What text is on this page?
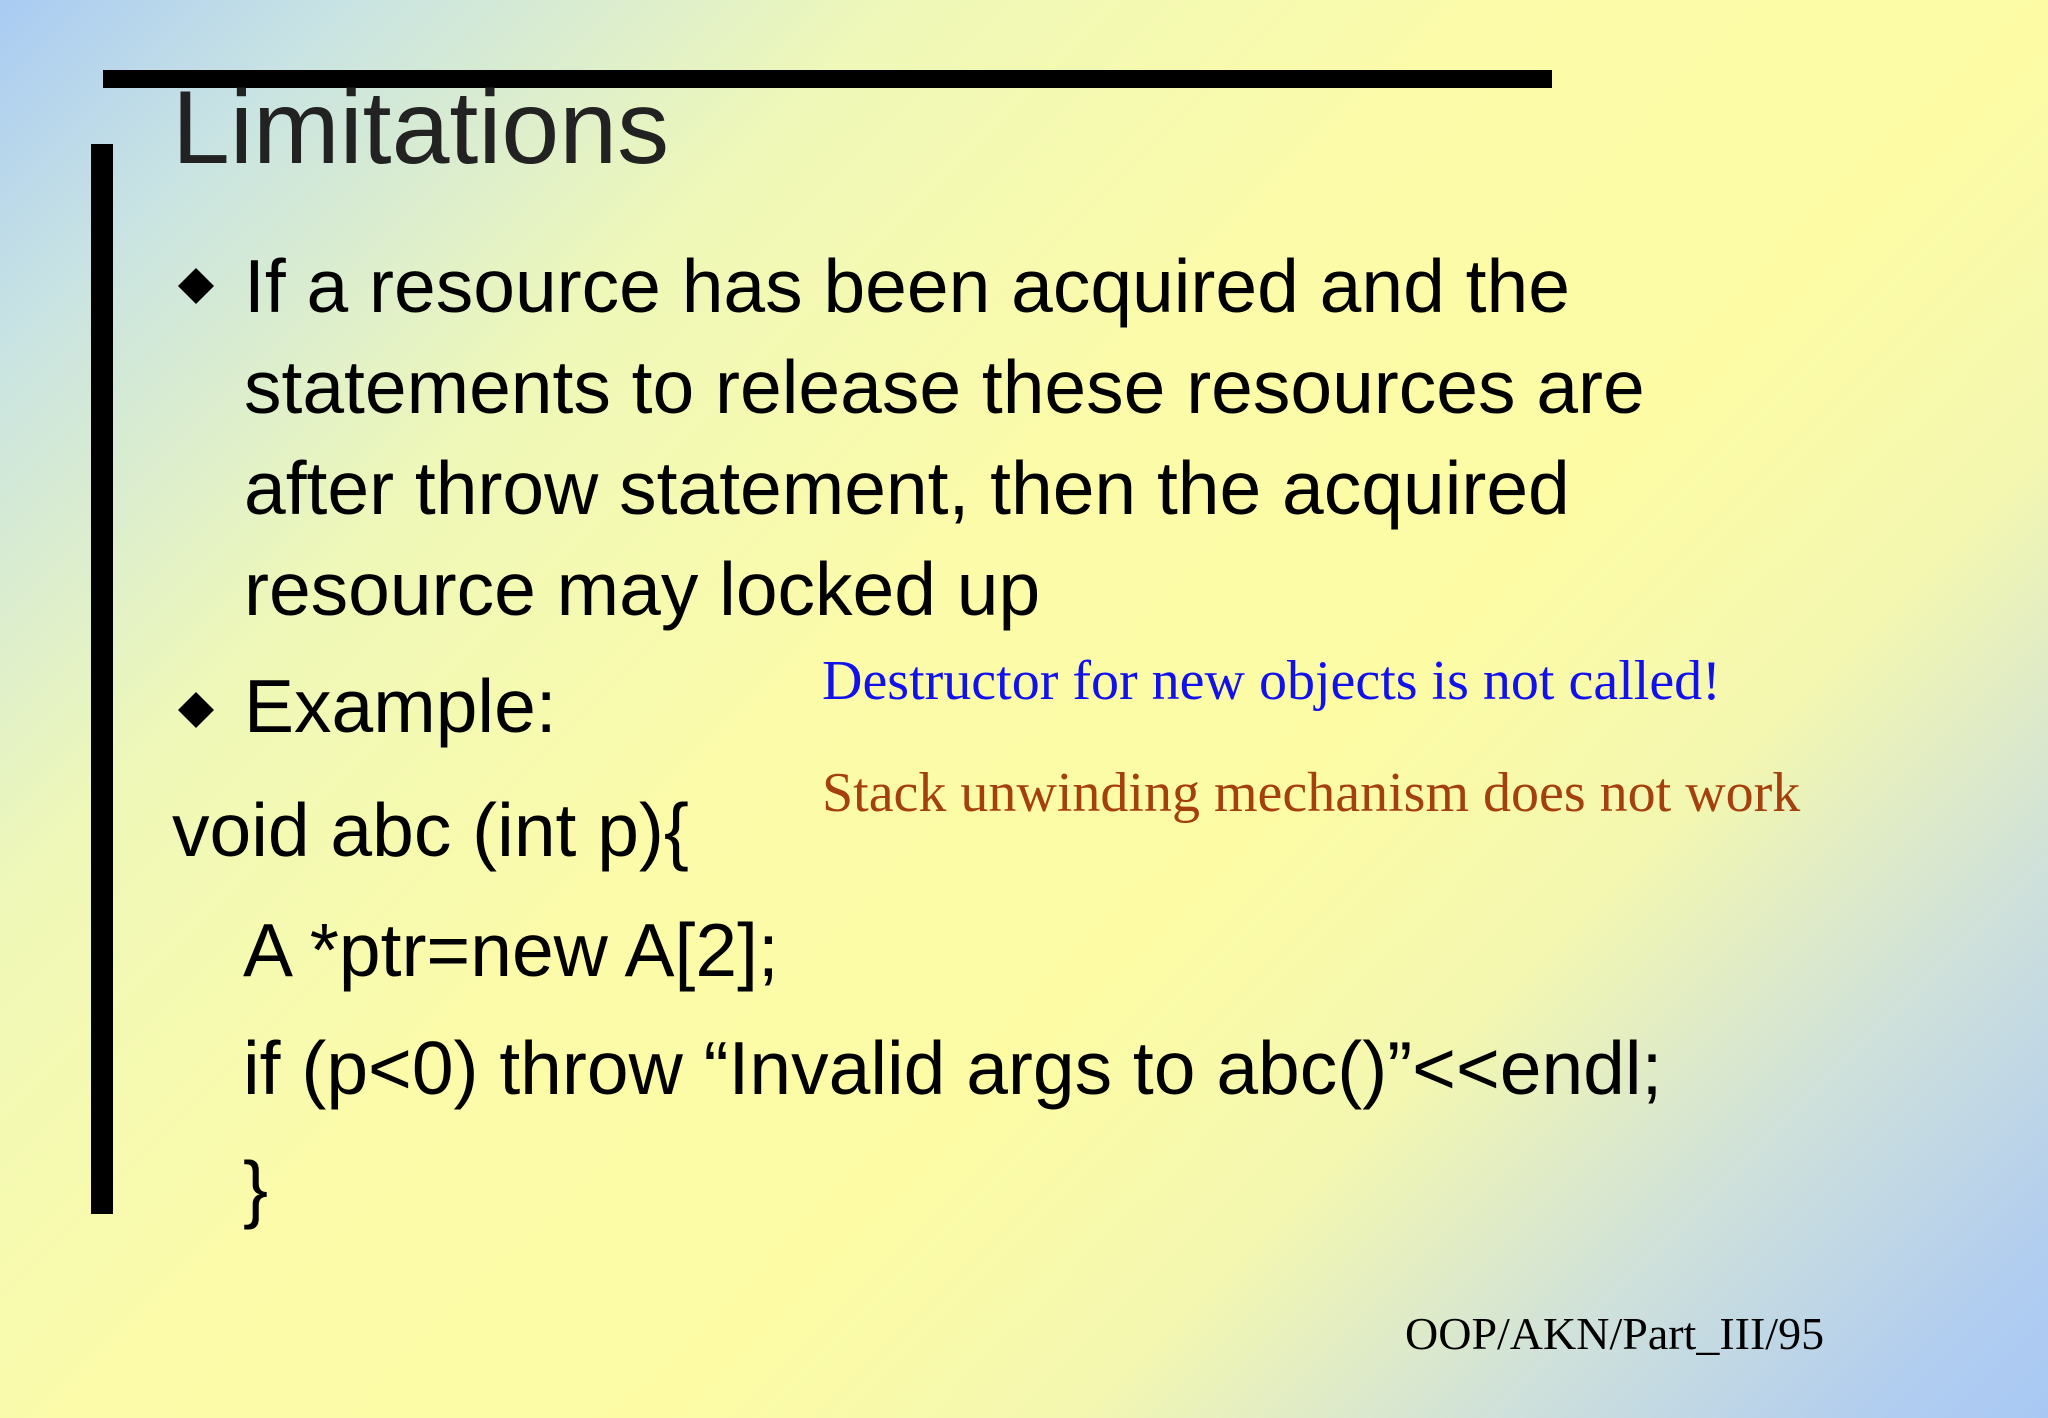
Limitations
If a resource has been acquired and the
statements to release these resources are
after throw statement, then the acquired
resource may locked up
Example:	Destructor for new objects is not called!
Stack unwinding mechanism does not work
void abc (int p){
A *ptr=new A[2];
if (p<0) throw “Invalid args to abc()”<<endl;
}
OOP/AKN/Part_III/95
